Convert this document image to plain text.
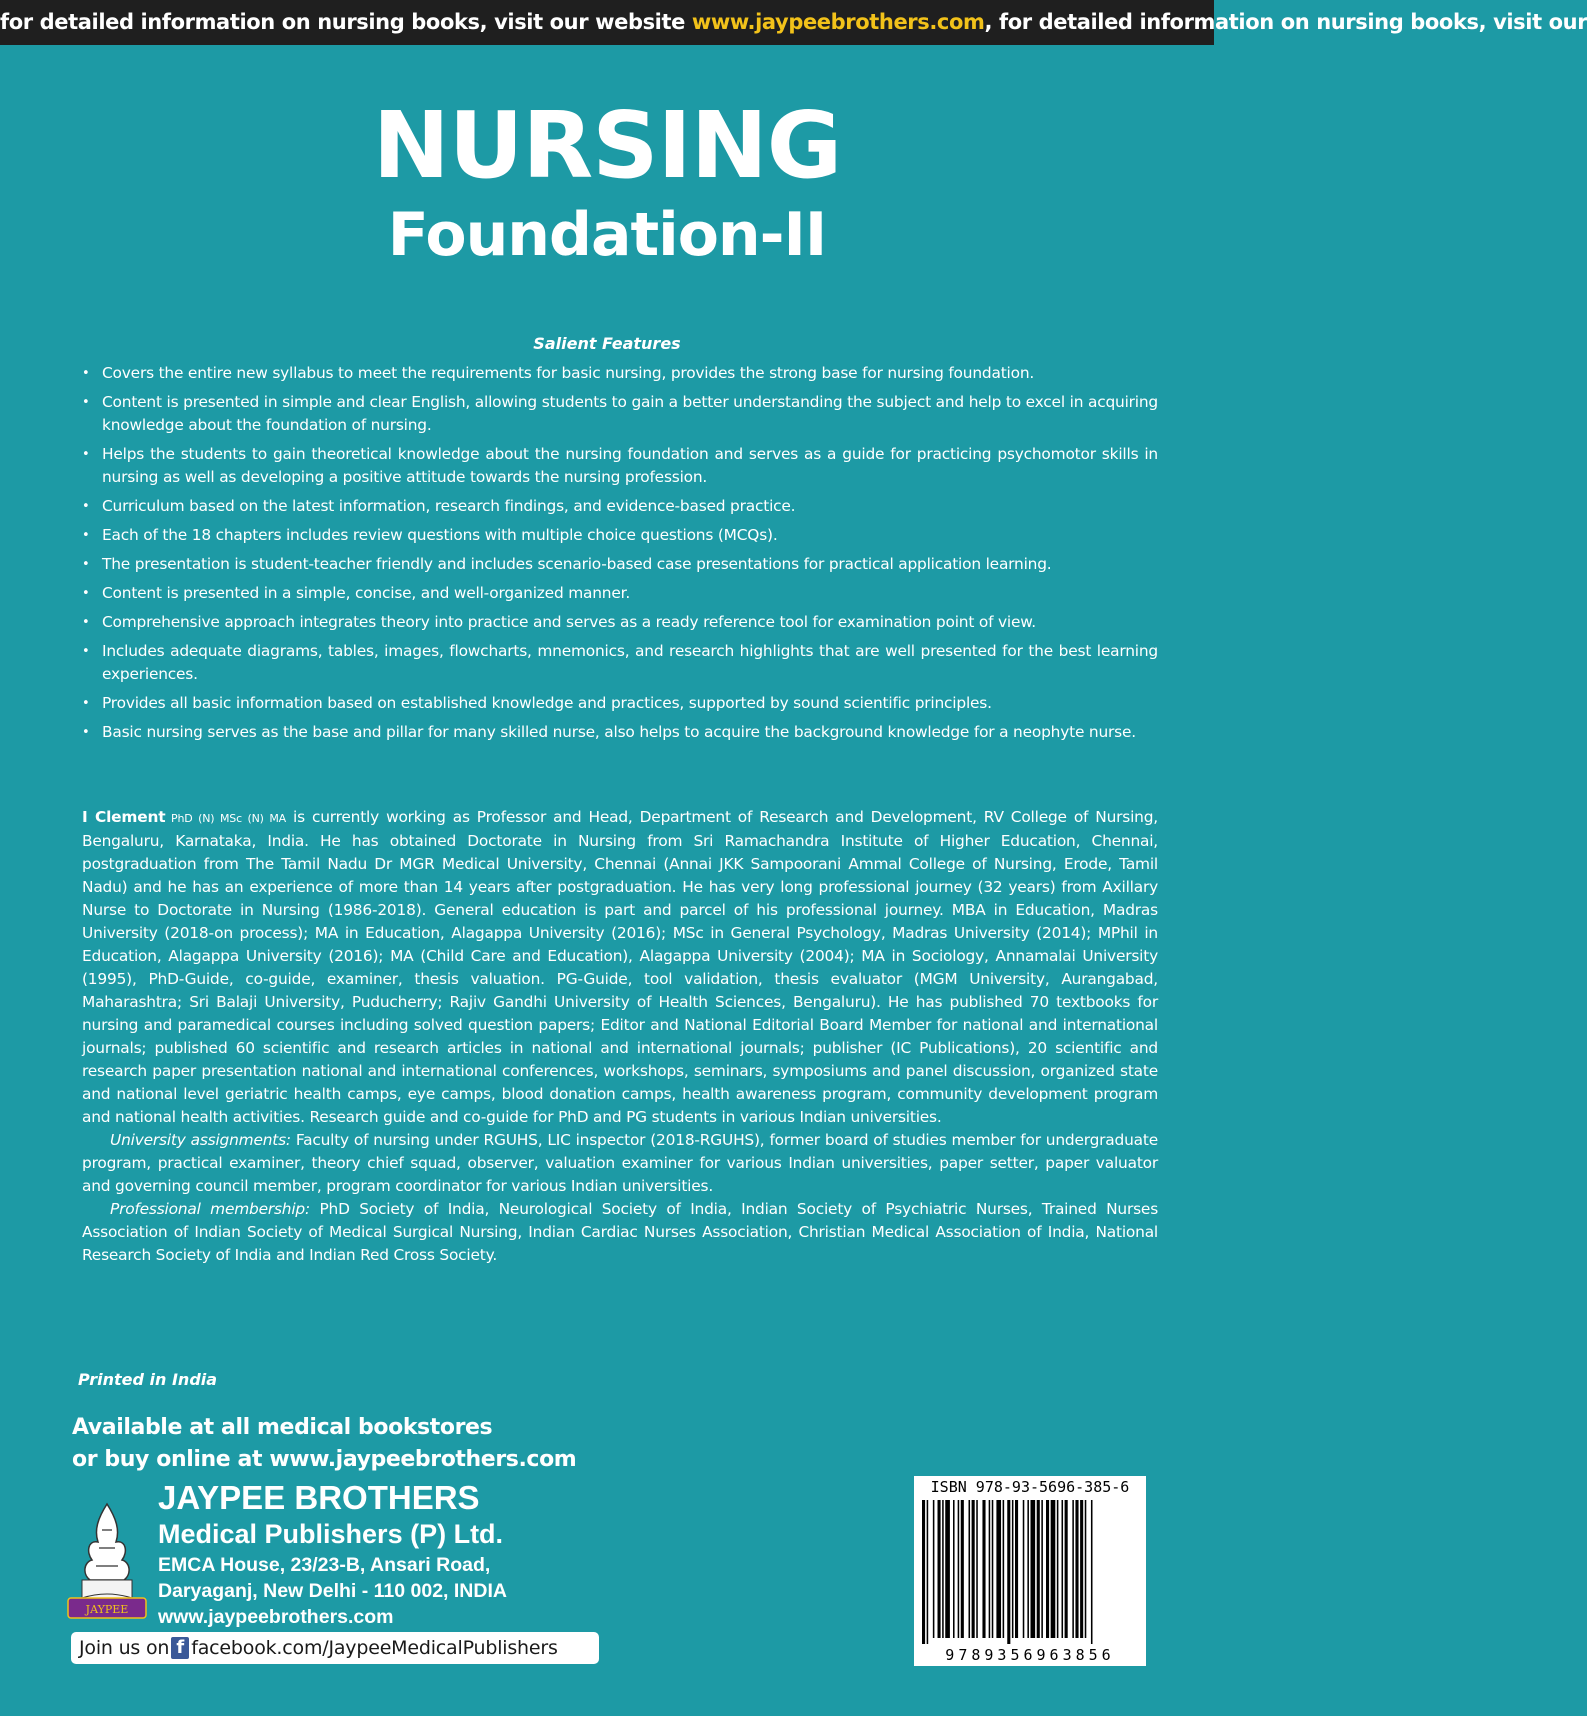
for detailed information on nursing books, visit our website www.jaypeebrothers.com, for detailed information on nursing books, visit our
NURSING
Foundation-II
Salient Features
• Covers the entire new syllabus to meet the requirements for basic nursing, provides the strong base for nursing foundation.
• Content is presented in simple and clear English, allowing students to gain a better understanding the subject and help to excel in acquiring knowledge about the foundation of nursing.
• Helps the students to gain theoretical knowledge about the nursing foundation and serves as a guide for practicing psychomotor skills in nursing as well as developing a positive attitude towards the nursing profession.
• Curriculum based on the latest information, research findings, and evidence-based practice.
• Each of the 18 chapters includes review questions with multiple choice questions (MCQs).
• The presentation is student-teacher friendly and includes scenario-based case presentations for practical application learning.
• Content is presented in a simple, concise, and well-organized manner.
• Comprehensive approach integrates theory into practice and serves as a ready reference tool for examination point of view.
• Includes adequate diagrams, tables, images, flowcharts, mnemonics, and research highlights that are well presented for the best learning experiences.
• Provides all basic information based on established knowledge and practices, supported by sound scientific principles.
• Basic nursing serves as the base and pillar for many skilled nurse, also helps to acquire the background knowledge for a neophyte nurse.

I Clement PhD (N) MSc (N) MA is currently working as Professor and Head, Department of Research and Development, RV College of Nursing, Bengaluru, Karnataka, India. He has obtained Doctorate in Nursing from Sri Ramachandra Institute of Higher Education, Chennai, postgraduation from The Tamil Nadu Dr MGR Medical University, Chennai (Annai JKK Sampoorani Ammal College of Nursing, Erode, Tamil Nadu) and he has an experience of more than 14 years after postgraduation. He has very long professional journey (32 years) from Axillary Nurse to Doctorate in Nursing (1986-2018). General education is part and parcel of his professional journey. MBA in Education, Madras University (2018-on process); MA in Education, Alagappa University (2016); MSc in General Psychology, Madras University (2014); MPhil in Education, Alagappa University (2016); MA (Child Care and Education), Alagappa University (2004); MA in Sociology, Annamalai University (1995), PhD-Guide, co-guide, examiner, thesis valuation. PG-Guide, tool validation, thesis evaluator (MGM University, Aurangabad, Maharashtra; Sri Balaji University, Puducherry; Rajiv Gandhi University of Health Sciences, Bengaluru). He has published 70 textbooks for nursing and paramedical courses including solved question papers; Editor and National Editorial Board Member for national and international journals; published 60 scientific and research articles in national and international journals; publisher (IC Publications), 20 scientific and research paper presentation national and international conferences, workshops, seminars, symposiums and panel discussion, organized state and national level geriatric health camps, eye camps, blood donation camps, health awareness program, community development program and national health activities. Research guide and co-guide for PhD and PG students in various Indian universities.

University assignments: Faculty of nursing under RGUHS, LIC inspector (2018-RGUHS), former board of studies member for undergraduate program, practical examiner, theory chief squad, observer, valuation examiner for various Indian universities, paper setter, paper valuator and governing council member, program coordinator for various Indian universities.

Professional membership: PhD Society of India, Neurological Society of India, Indian Society of Psychiatric Nurses, Trained Nurses Association of Indian Society of Medical Surgical Nursing, Indian Cardiac Nurses Association, Christian Medical Association of India, National Research Society of India and Indian Red Cross Society.

Printed in India
Available at all medical bookstores
or buy online at www.jaypeebrothers.com
JAYPEE
JAYPEE BROTHERS
Medical Publishers (P) Ltd.
EMCA House, 23/23-B, Ansari Road,
Daryaganj, New Delhi - 110 002, INDIA
www.jaypeebrothers.com
Join us on f facebook.com/JaypeeMedicalPublishers
ISBN 978-93-5696-385-6
9789356963856
